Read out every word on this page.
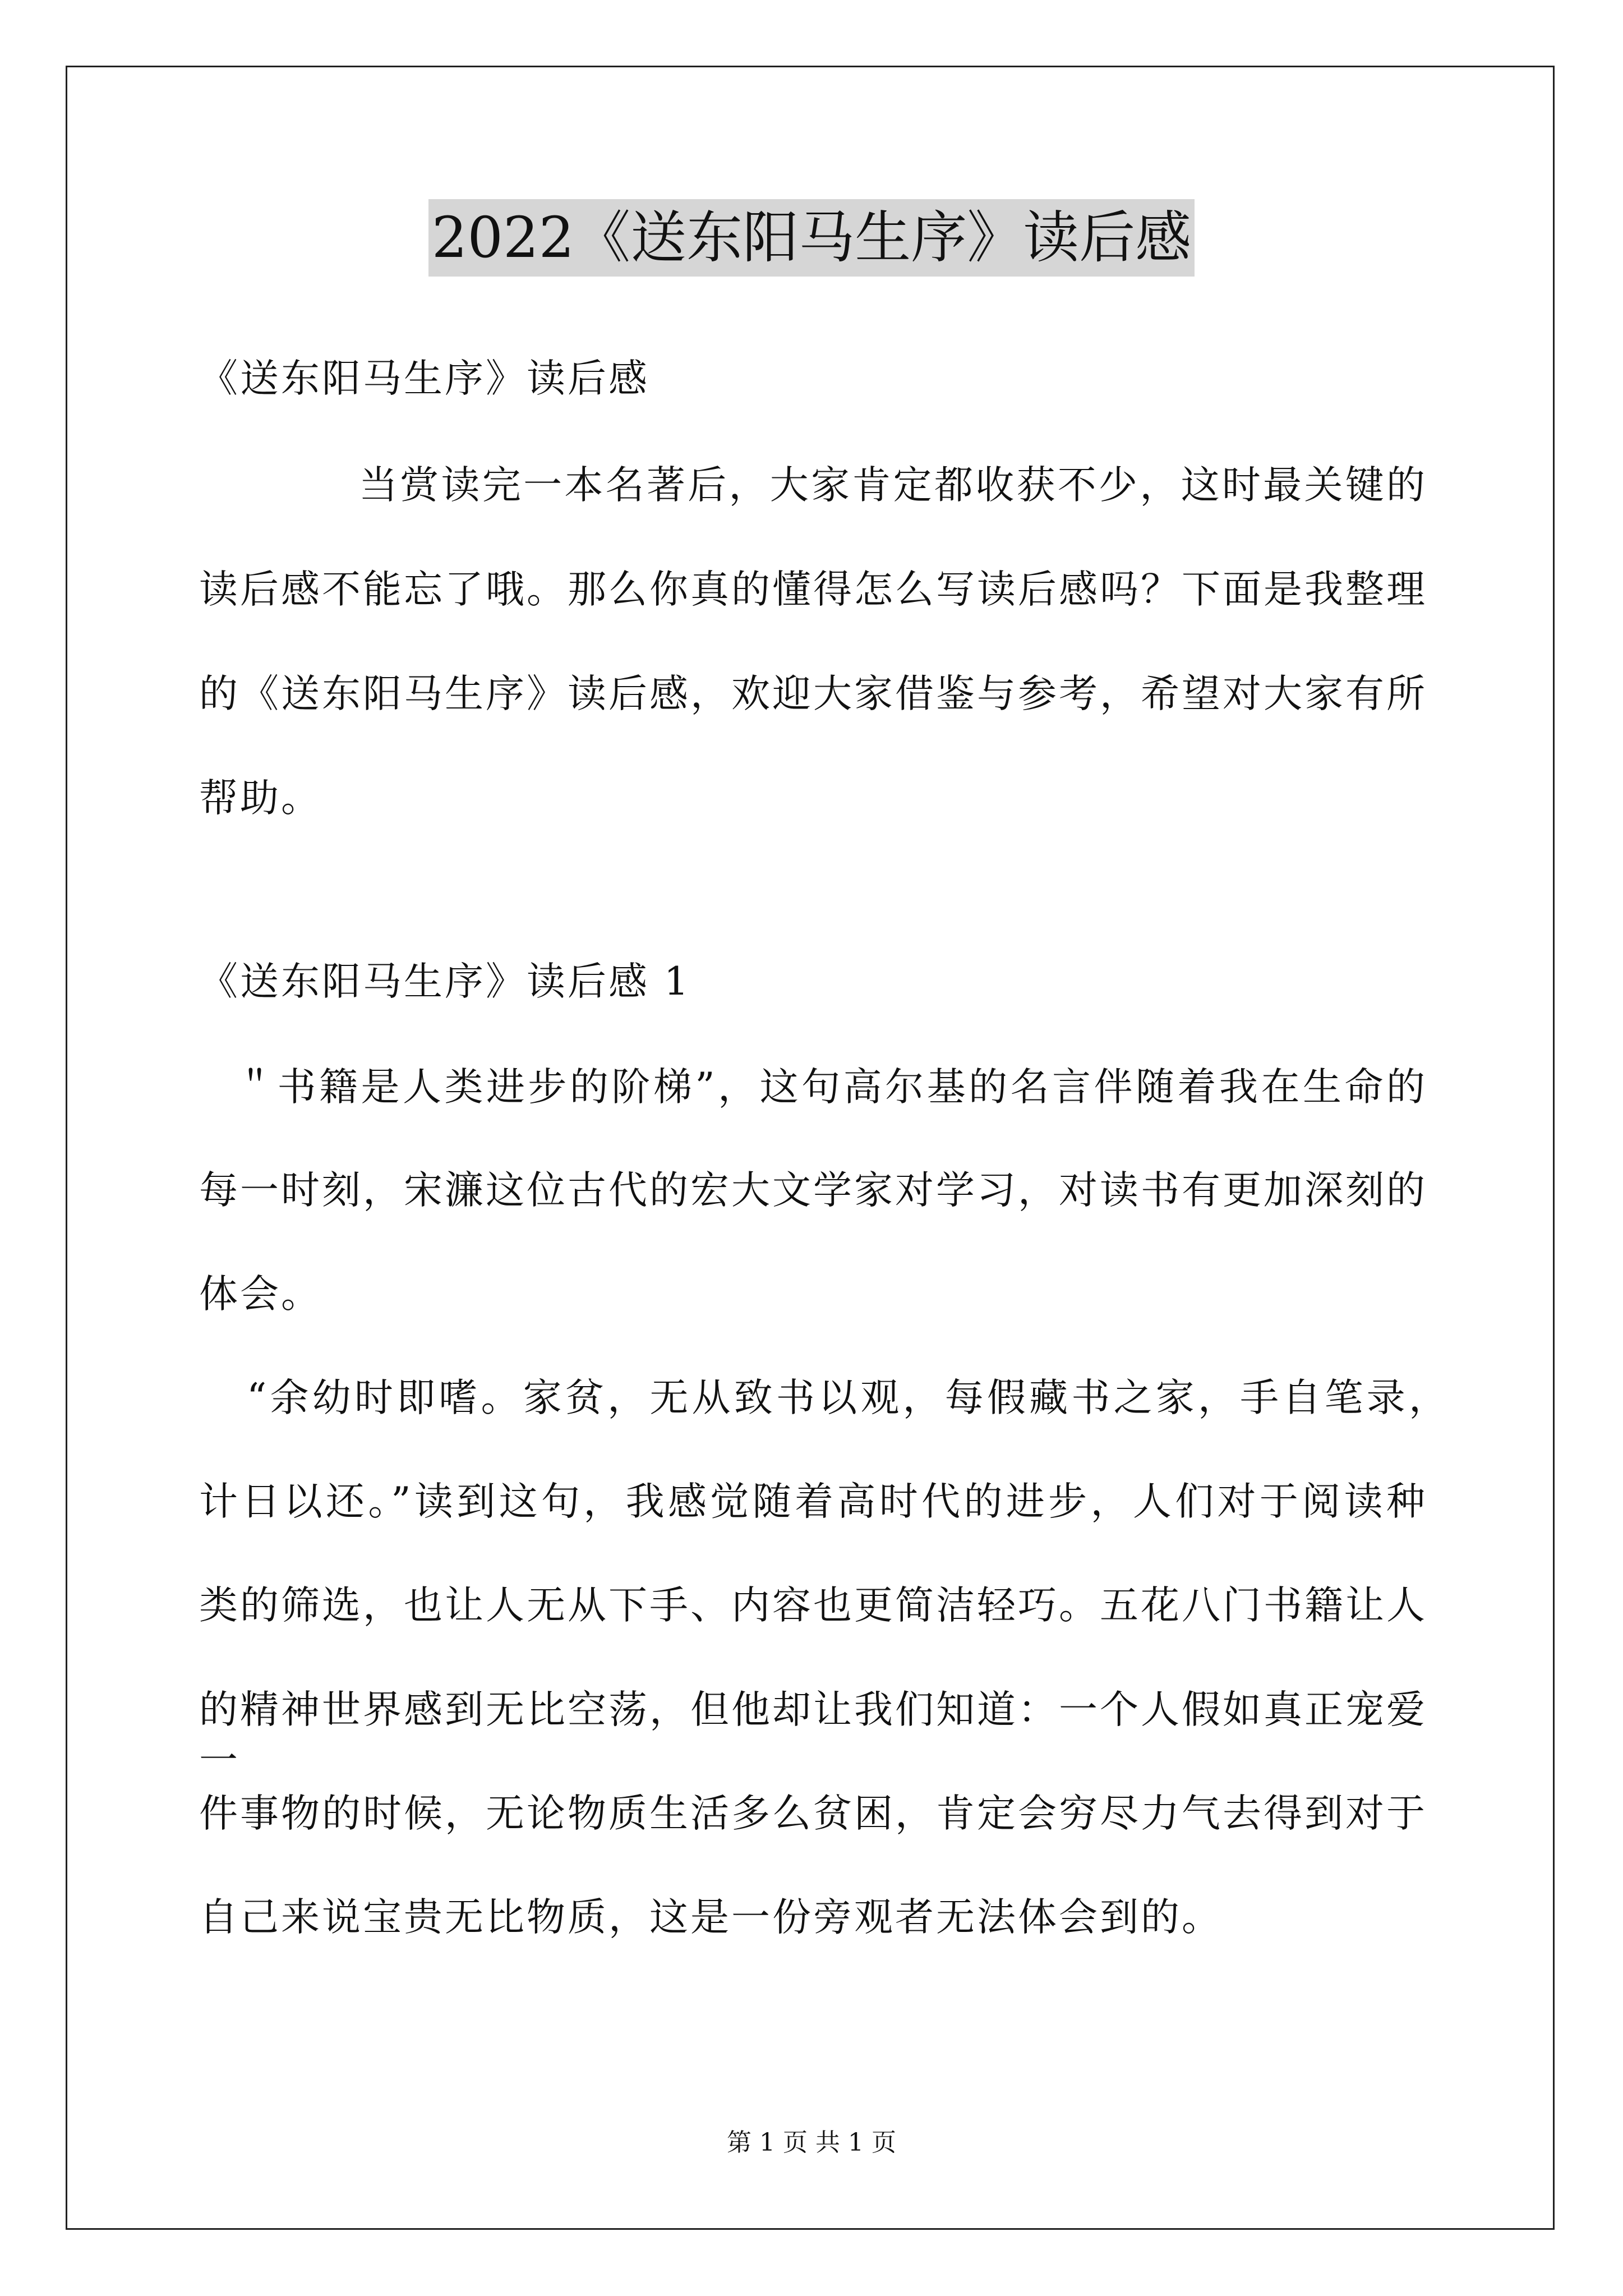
2022《送东阳马生序》读后感
《送东阳马生序》读后感
当赏读完一本名著后，大家肯定都收获不少，这时最关键的
读后感不能忘了哦。那么你真的懂得怎么写读后感吗？下面是我整理
的《送东阳马生序》读后感，欢迎大家借鉴与参考，希望对大家有所
帮助。
《送东阳马生序》读后感 1
＂书籍是人类进步的阶梯”，这句高尔基的名言伴随着我在生命的
每一时刻，宋濂这位古代的宏大文学家对学习，对读书有更加深刻的
体会。
“余幼时即嗜。家贫，无从致书以观，每假藏书之家，手自笔录，
计日以还。”读到这句，我感觉随着高时代的进步，人们对于阅读种
类的筛选，也让人无从下手、内容也更简洁轻巧。五花八门书籍让人
的精神世界感到无比空荡，但他却让我们知道：一个人假如真正宠爱一
件事物的时候，无论物质生活多么贫困，肯定会穷尽力气去得到对于
自己来说宝贵无比物质，这是一份旁观者无法体会到的。
第 1 页 共 1 页
